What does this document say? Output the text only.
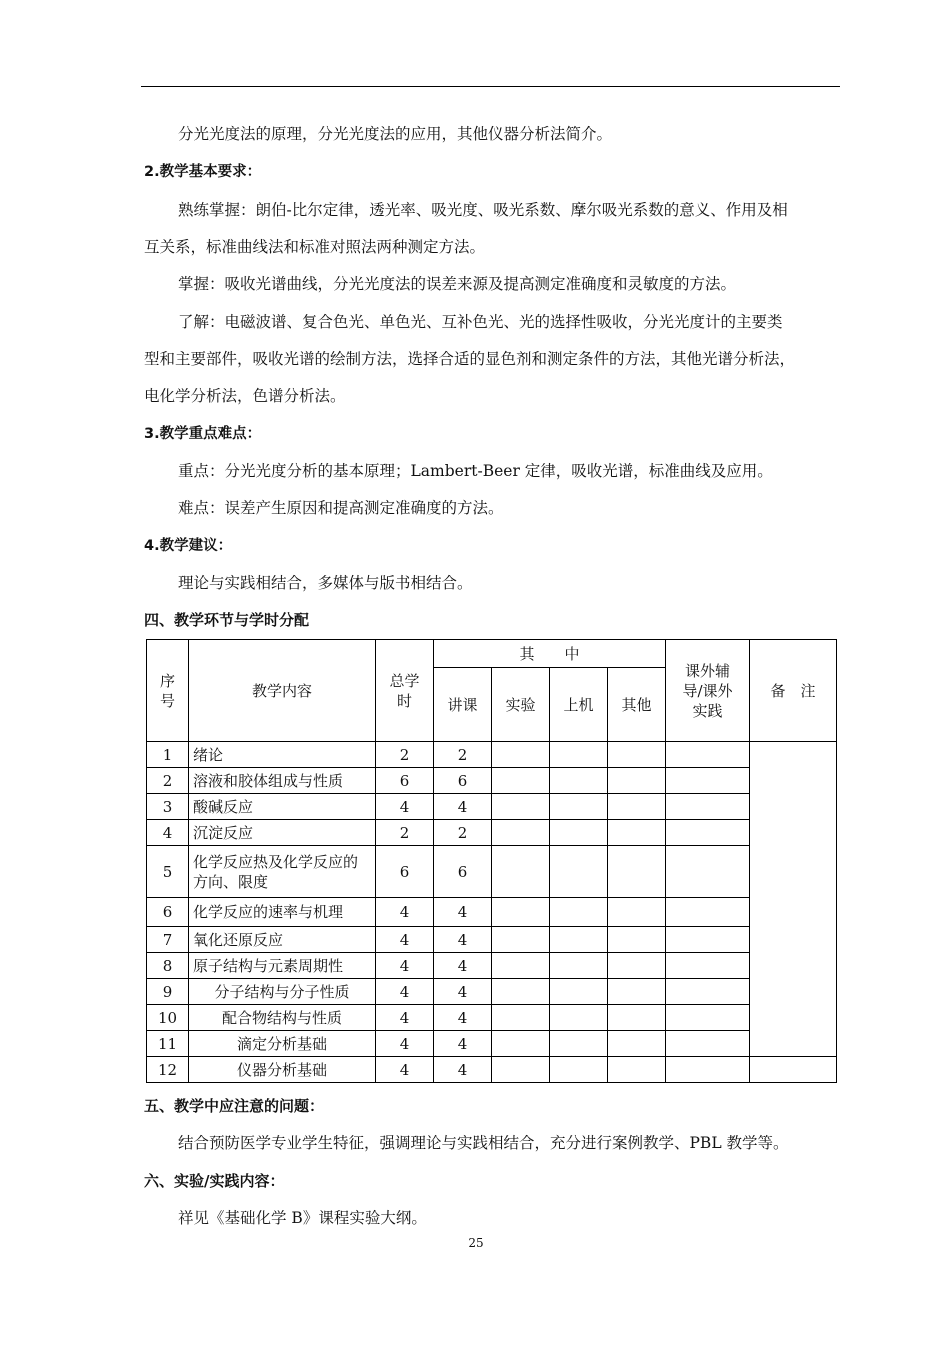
分光光度法的原理，分光光度法的应用，其他仪器分析法简介。
2.教学基本要求：
熟练掌握：朗伯-比尔定律，透光率、吸光度、吸光系数、摩尔吸光系数的意义、作用及相
互关系，标准曲线法和标准对照法两种测定方法。
掌握：吸收光谱曲线，分光光度法的误差来源及提高测定准确度和灵敏度的方法。
了解：电磁波谱、复合色光、单色光、互补色光、光的选择性吸收，分光光度计的主要类
型和主要部件，吸收光谱的绘制方法，选择合适的显色剂和测定条件的方法，其他光谱分析法，
电化学分析法，色谱分析法。
3.教学重点难点：
重点：分光光度分析的基本原理；Lambert-Beer 定律，吸收光谱，标准曲线及应用。
难点：误差产生原因和提高测定准确度的方法。
4.教学建议：
理论与实践相结合，多媒体与版书相结合。
四、教学环节与学时分配
序号	教学内容	总学时	其　　中				课外辅导/课外实践	备　注
			讲课	实验	上机	其他		
1	绪论	2	2					
2	溶液和胶体组成与性质	6	6					
3	酸碱反应	4	4					
4	沉淀反应	2	2					
5	化学反应热及化学反应的方向、限度	6	6					
6	化学反应的速率与机理	4	4					
7	氧化还原反应	4	4					
8	原子结构与元素周期性	4	4					
9	分子结构与分子性质	4	4					
10	配合物结构与性质	4	4					
11	滴定分析基础	4	4					
12	仪器分析基础	4	4					
五、教学中应注意的问题：
结合预防医学专业学生特征，强调理论与实践相结合，充分进行案例教学、PBL 教学等。
六、实验/实践内容：
祥见《基础化学 B》课程实验大纲。
25
